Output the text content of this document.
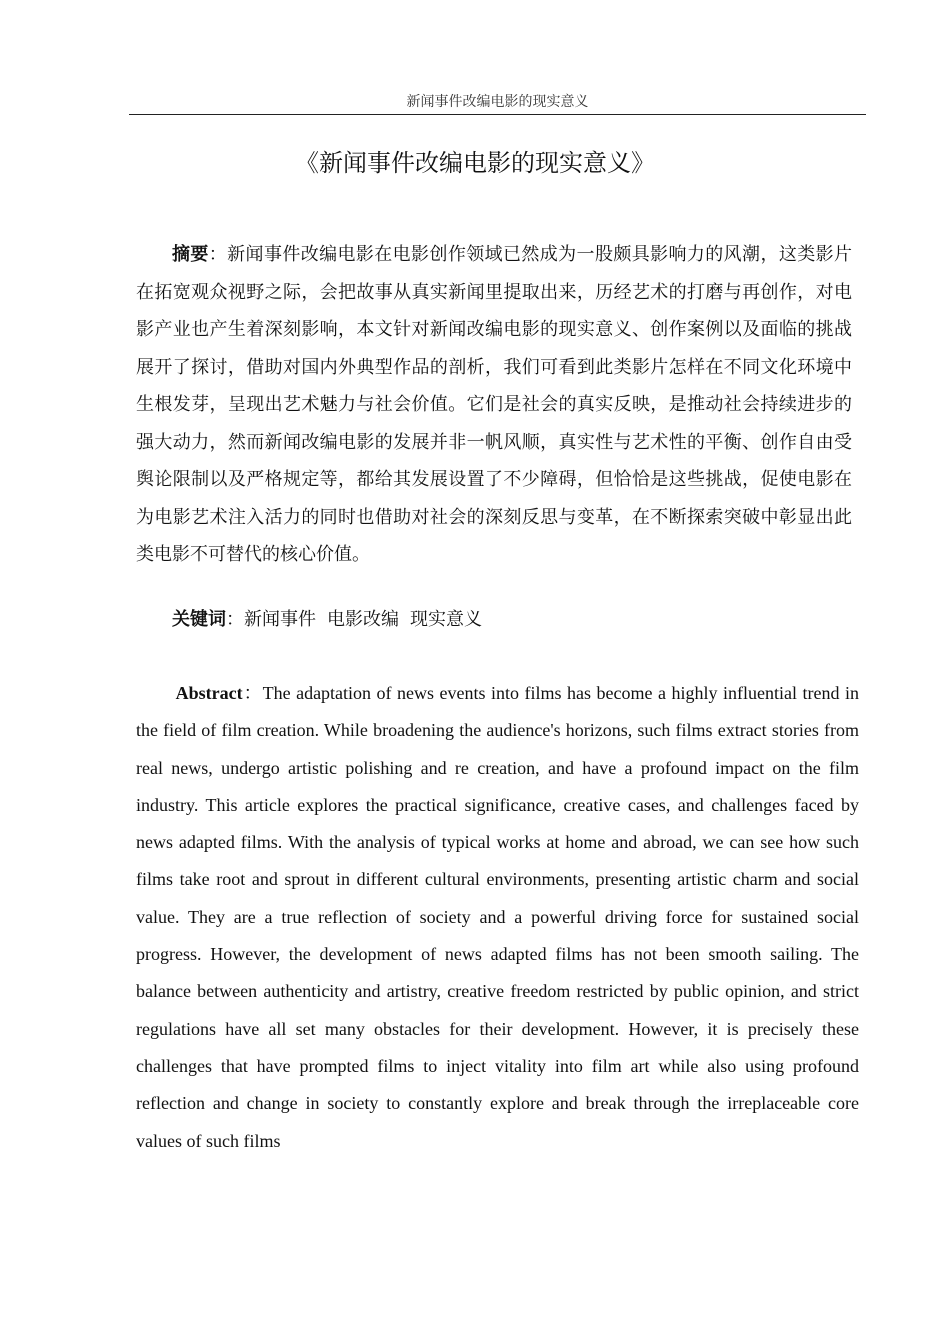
新闻事件改编电影的现实意义
《新闻事件改编电影的现实意义》

摘要：新闻事件改编电影在电影创作领域已然成为一股颇具影响力的风潮，这类影片在拓宽观众视野之际，会把故事从真实新闻里提取出来，历经艺术的打磨与再创作，对电影产业也产生着深刻影响，本文针对新闻改编电影的现实意义、创作案例以及面临的挑战展开了探讨，借助对国内外典型作品的剖析，我们可看到此类影片怎样在不同文化环境中生根发芽，呈现出艺术魅力与社会价值。它们是社会的真实反映，是推动社会持续进步的强大动力，然而新闻改编电影的发展并非一帆风顺，真实性与艺术性的平衡、创作自由受舆论限制以及严格规定等，都给其发展设置了不少障碍，但恰恰是这些挑战，促使电影在为电影艺术注入活力的同时也借助对社会的深刻反思与变革，在不断探索突破中彰显出此类电影不可替代的核心价值。

关键词：新闻事件 电影改编 现实意义

Abstract：The adaptation of news events into films has become a highly influential trend in the field of film creation. While broadening the audience's horizons, such films extract stories from real news, undergo artistic polishing and re creation, and have a profound impact on the film industry. This article explores the practical significance, creative cases, and challenges faced by news adapted films. With the analysis of typical works at home and abroad, we can see how such films take root and sprout in different cultural environments, presenting artistic charm and social value. They are a true reflection of society and a powerful driving force for sustained social progress. However, the development of news adapted films has not been smooth sailing. The balance between authenticity and artistry, creative freedom restricted by public opinion, and strict regulations have all set many obstacles for their development. However, it is precisely these challenges that have prompted films to inject vitality into film art while also using profound reflection and change in society to constantly explore and break through the irreplaceable core values of such films
